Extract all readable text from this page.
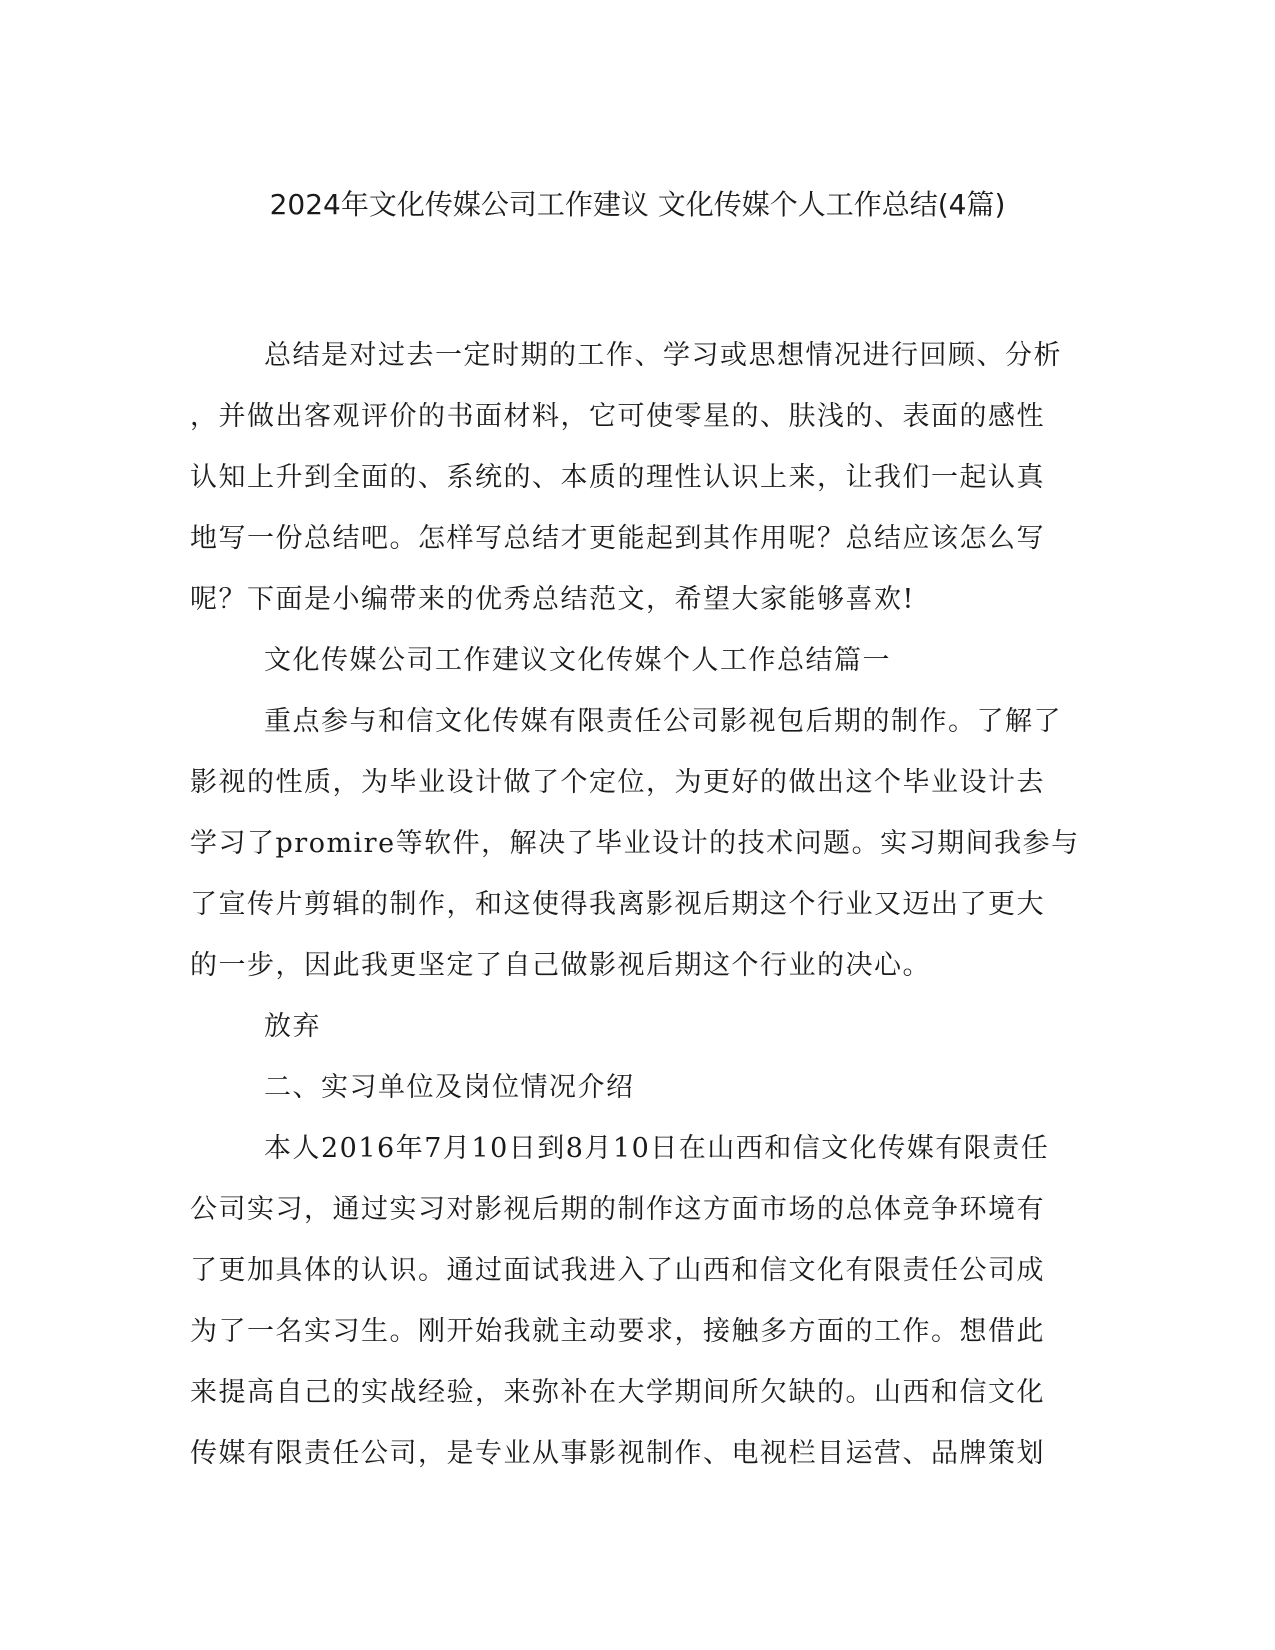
2024年文化传媒公司工作建议 文化传媒个人工作总结(4篇)
总结是对过去一定时期的工作、学习或思想情况进行回顾、分析
，并做出客观评价的书面材料，它可使零星的、肤浅的、表面的感性
认知上升到全面的、系统的、本质的理性认识上来，让我们一起认真
地写一份总结吧。怎样写总结才更能起到其作用呢？总结应该怎么写
呢？下面是小编带来的优秀总结范文，希望大家能够喜欢!
文化传媒公司工作建议文化传媒个人工作总结篇一
重点参与和信文化传媒有限责任公司影视包后期的制作。了解了
影视的性质，为毕业设计做了个定位，为更好的做出这个毕业设计去
学习了promire等软件，解决了毕业设计的技术问题。实习期间我参与
了宣传片剪辑的制作，和这使得我离影视后期这个行业又迈出了更大
的一步，因此我更坚定了自己做影视后期这个行业的决心。
放弃
二、实习单位及岗位情况介绍
本人2016年7月10日到8月10日在山西和信文化传媒有限责任
公司实习，通过实习对影视后期的制作这方面市场的总体竞争环境有
了更加具体的认识。通过面试我进入了山西和信文化有限责任公司成
为了一名实习生。刚开始我就主动要求，接触多方面的工作。想借此
来提高自己的实战经验，来弥补在大学期间所欠缺的。山西和信文化
传媒有限责任公司，是专业从事影视制作、电视栏目运营、品牌策划
